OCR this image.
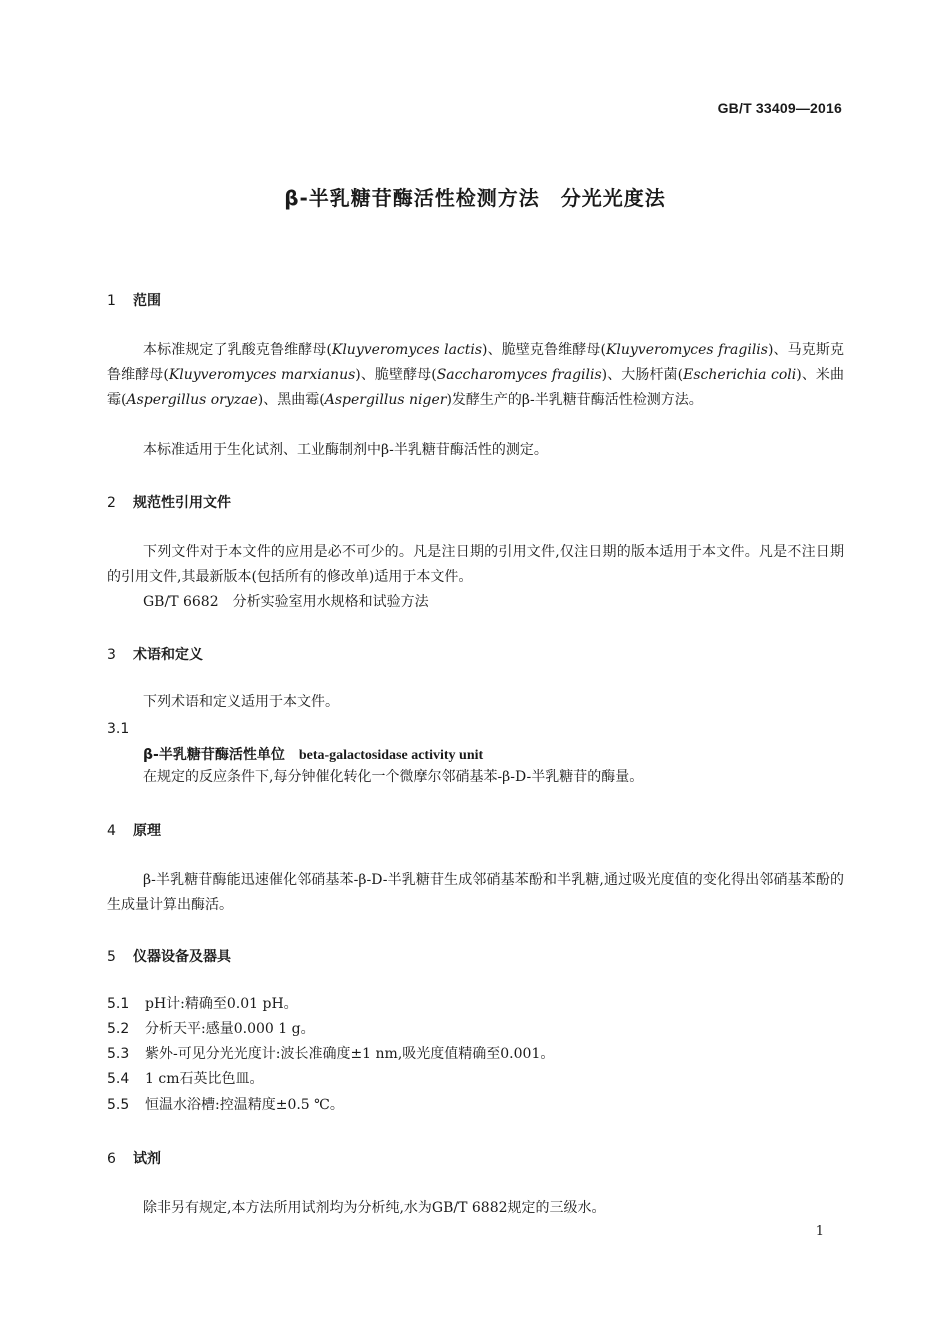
GB/T 33409—2016
β-半乳糖苷酶活性检测方法　分光光度法
1 范围
本标准规定了乳酸克鲁维酵母(Kluyveromyces lactis)、脆壁克鲁维酵母(Kluyveromyces fragilis)、马克斯克鲁维酵母(Kluyveromyces marxianus)、脆壁酵母(Saccharomyces fragilis)、大肠杆菌(Escherichia coli)、米曲霉(Aspergillus oryzae)、黑曲霉(Aspergillus niger)发酵生产的β-半乳糖苷酶活性检测方法。
本标准适用于生化试剂、工业酶制剂中β-半乳糖苷酶活性的测定。
2 规范性引用文件
下列文件对于本文件的应用是必不可少的。凡是注日期的引用文件,仅注日期的版本适用于本文件。凡是不注日期的引用文件,其最新版本(包括所有的修改单)适用于本文件。
GB/T 6682　分析实验室用水规格和试验方法
3 术语和定义
下列术语和定义适用于本文件。
3.1
β-半乳糖苷酶活性单位 beta-galactosidase activity unit
在规定的反应条件下,每分钟催化转化一个微摩尔邻硝基苯-β-D-半乳糖苷的酶量。
4 原理
β-半乳糖苷酶能迅速催化邻硝基苯-β-D-半乳糖苷生成邻硝基苯酚和半乳糖,通过吸光度值的变化得出邻硝基苯酚的生成量计算出酶活。
5 仪器设备及器具
5.1 pH计:精确至0.01 pH。
5.2 分析天平:感量0.000 1 g。
5.3 紫外-可见分光光度计:波长准确度±1 nm,吸光度值精确至0.001。
5.4 1 cm石英比色皿。
5.5 恒温水浴槽:控温精度±0.5 ℃。
6 试剂
除非另有规定,本方法所用试剂均为分析纯,水为GB/T 6882规定的三级水。
1
